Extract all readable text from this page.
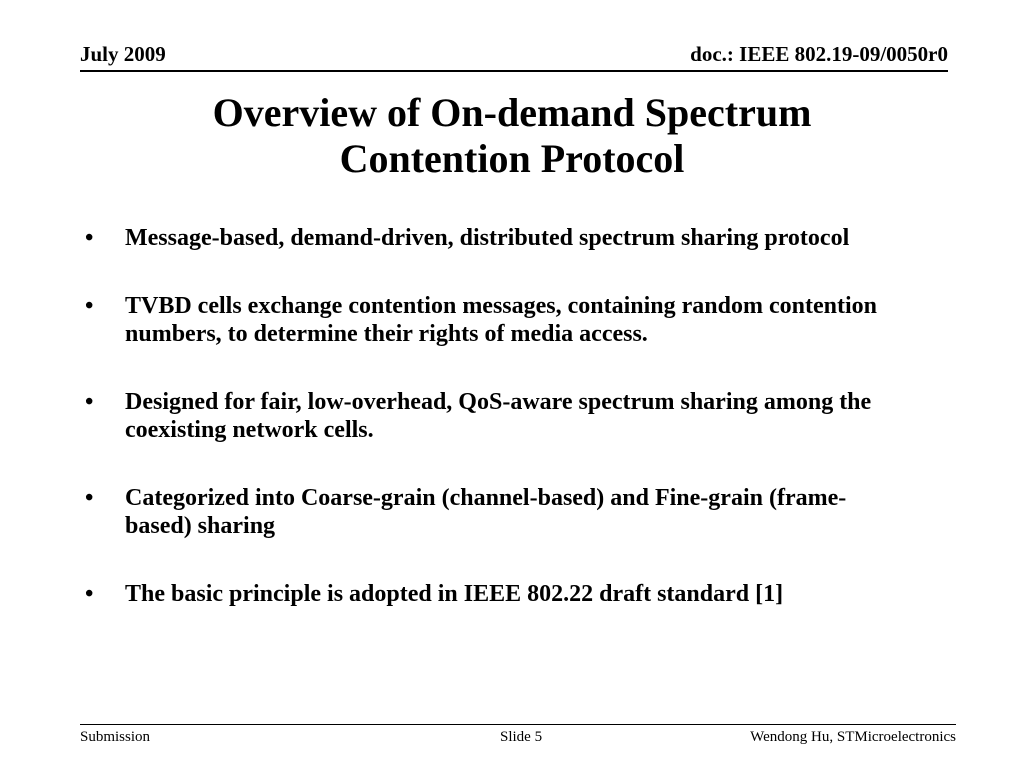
July 2009	doc.: IEEE 802.19-09/0050r0
Overview of On-demand Spectrum
Contention Protocol
• Message-based, demand-driven, distributed spectrum sharing protocol
• TVBD cells exchange contention messages, containing random contention numbers, to determine their rights of media access.
• Designed for fair, low-overhead, QoS-aware spectrum sharing among the coexisting network cells.
• Categorized into Coarse-grain (channel-based) and Fine-grain (frame-based) sharing
• The basic principle is adopted in IEEE 802.22 draft standard [1]
Submission	Slide 5	Wendong Hu, STMicroelectronics
